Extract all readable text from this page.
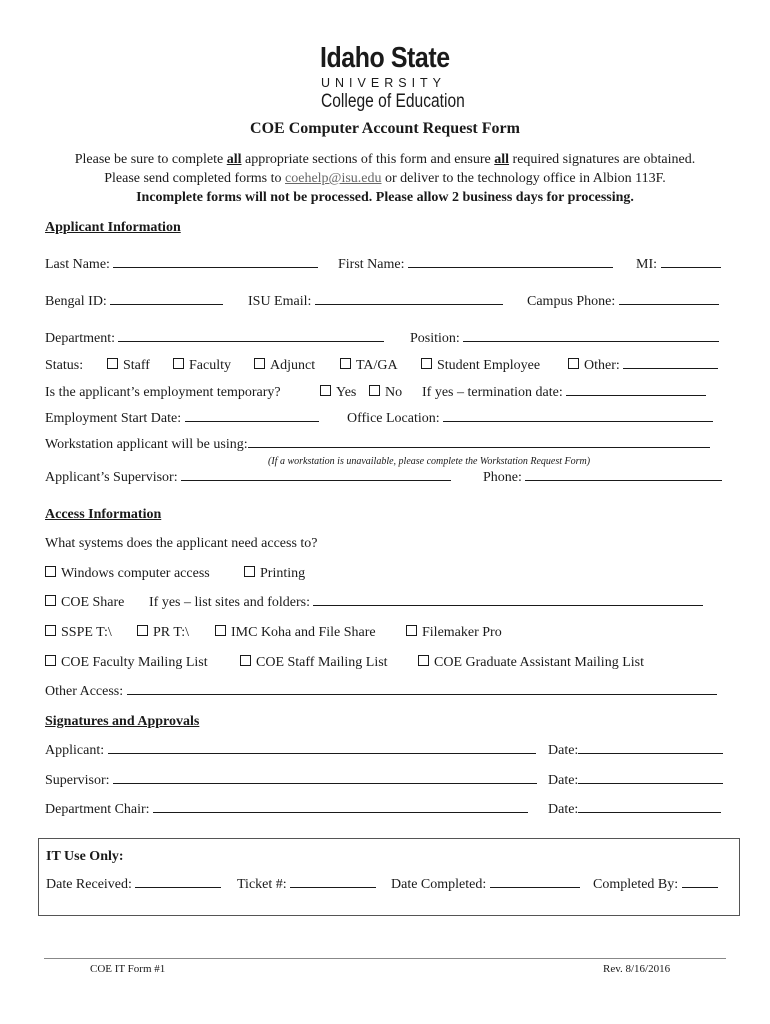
Idaho State
UNIVERSITY
College of Education
COE Computer Account Request Form
Please be sure to complete all appropriate sections of this form and ensure all required signatures are obtained.
Please send completed forms to coehelp@isu.edu or deliver to the technology office in Albion 113F.
Incomplete forms will not be processed. Please allow 2 business days for processing.
Applicant Information
Last Name:	First Name:	MI:
Bengal ID:	ISU Email:	Campus Phone:
Department:	Position:
Status:	Staff	Faculty	Adjunct	TA/GA	Student Employee	Other:
Is the applicant’s employment temporary?	Yes	No If yes – termination date:
Employment Start Date:	Office Location:
Workstation applicant will be using:
(If a workstation is unavailable, please complete the Workstation Request Form)
Applicant’s Supervisor:	Phone:
Access Information
What systems does the applicant need access to?
Windows computer access	Printing
COE Share If yes – list sites and folders:
SSPE T:\	PR T:\	IMC Koha and File Share	Filemaker Pro
COE Faculty Mailing List	COE Staff Mailing List	COE Graduate Assistant Mailing List
Other Access:
Signatures and Approvals
Applicant:	Date:
Supervisor:	Date:
Department Chair:	Date:
IT Use Only:
Date Received:	Ticket #:	Date Completed:	Completed By:
COE IT Form #1	Rev. 8/16/2016
